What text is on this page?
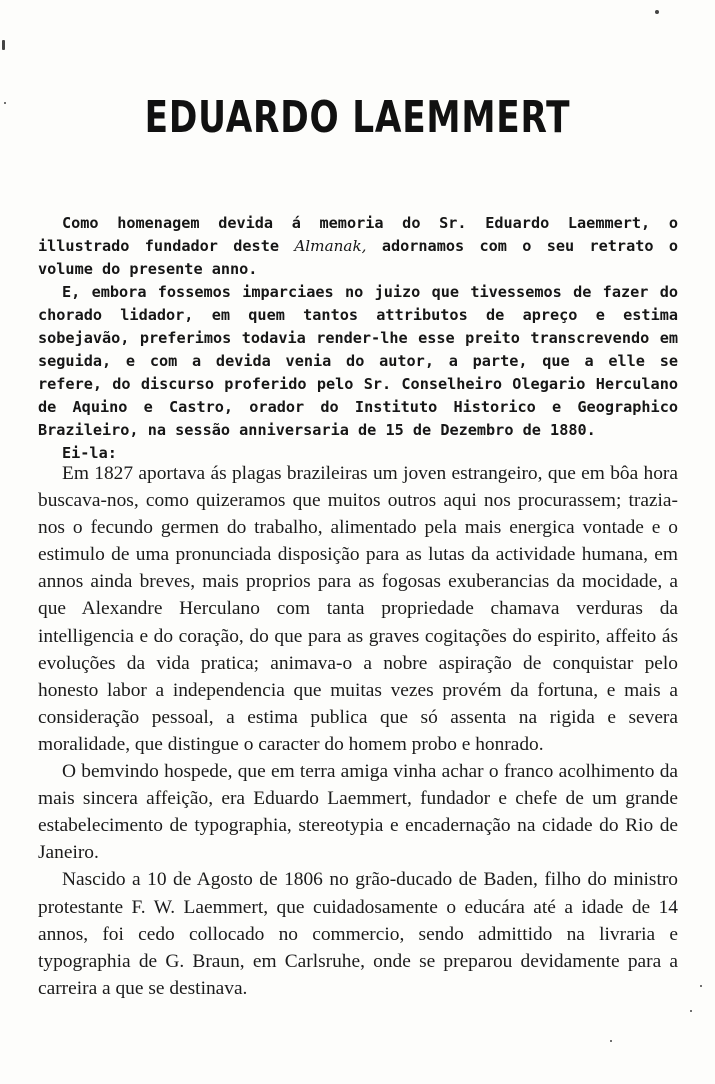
EDUARDO LAEMMERT

Como homenagem devida á memoria do Sr. Eduardo Laemmert, o illustrado fundador deste Almanak, adornamos com o seu retrato o volume do presente anno.

E, embora fossemos imparciaes no juizo que tivessemos de fazer do chorado lidador, em quem tantos attributos de apreço e estima sobejavão, preferimos todavia render-lhe esse preito transcrevendo em seguida, e com a devida venia do autor, a parte, que a elle se refere, do discurso proferido pelo Sr. Conselheiro Olegario Herculano de Aquino e Castro, orador do Instituto Historico e Geographico Brazileiro, na sessão anniversaria de 15 de Dezembro de 1880.

Ei-la:

Em 1827 aportava ás plagas brazileiras um joven estrangeiro, que em bôa hora buscava-nos, como quizeramos que muitos outros aqui nos procurassem; trazia-nos o fecundo germen do trabalho, alimentado pela mais energica vontade e o estimulo de uma pronunciada disposição para as lutas da actividade humana, em annos ainda breves, mais proprios para as fogosas exuberancias da mocidade, a que Alexandre Herculano com tanta propriedade chamava verduras da intelligencia e do coração, do que para as graves cogitações do espirito, affeito ás evoluções da vida pratica; animava-o a nobre aspiração de conquistar pelo honesto labor a independencia que muitas vezes provém da fortuna, e mais a consideração pessoal, a estima publica que só assenta na rigida e severa moralidade, que distingue o caracter do homem probo e honrado.

O bemvindo hospede, que em terra amiga vinha achar o franco acolhimento da mais sincera affeição, era Eduardo Laemmert, fundador e chefe de um grande estabelecimento de typographia, stereotypia e encadernação na cidade do Rio de Janeiro.

Nascido a 10 de Agosto de 1806 no grão-ducado de Baden, filho do ministro protestante F. W. Laemmert, que cuidadosamente o educára até a idade de 14 annos, foi cedo collocado no commercio, sendo admittido na livraria e typographia de G. Braun, em Carlsruhe, onde se preparou devidamente para a carreira a que se destinava.
